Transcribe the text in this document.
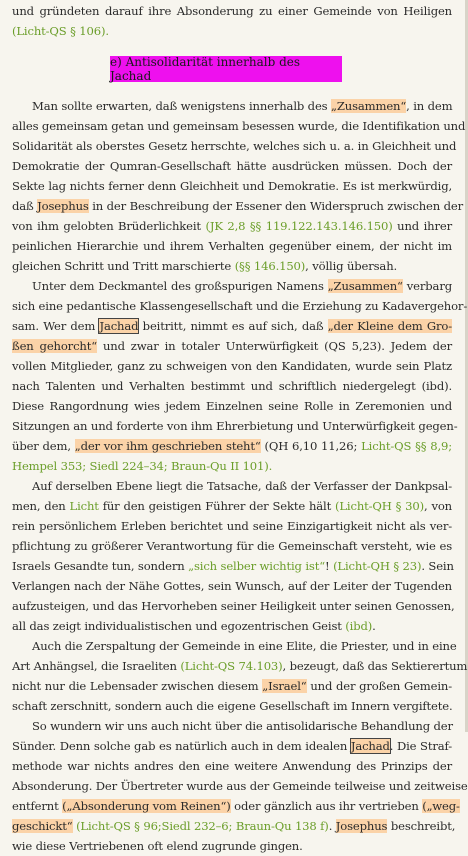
und gründeten darauf ihre Absonderung zu einer Gemeinde von Heiligen
(Licht-QS § 106).
e) Antisolidarität innerhalb des Jachad
Man sollte erwarten, daß wenigstens innerhalb des „Zusammen“, in dem
alles gemeinsam getan und gemeinsam besessen wurde, die Identifikation und
Solidarität als oberstes Gesetz herrschte, welches sich u. a. in Gleichheit und
Demokratie der Qumran-Gesellschaft hätte ausdrücken müssen. Doch der
Sekte lag nichts ferner denn Gleichheit und Demokratie. Es ist merkwürdig,
daß Josephus in der Beschreibung der Essener den Widerspruch zwischen der
von ihm gelobten Brüderlichkeit (JK 2,8 §§ 119.122.143.146.150) und ihrer
peinlichen Hierarchie und ihrem Verhalten gegenüber einem, der nicht im
gleichen Schritt und Tritt marschierte (§§ 146.150), völlig übersah.
Unter dem Deckmantel des großspurigen Namens „Zusammen“ verbarg
sich eine pedantische Klassengesellschaft und die Erziehung zu Kadavergehor-
sam. Wer dem Jachad beitritt, nimmt es auf sich, daß „der Kleine dem Gro-
ßen gehorcht“ und zwar in totaler Unterwürfigkeit (QS 5,23). Jedem der
vollen Mitglieder, ganz zu schweigen von den Kandidaten, wurde sein Platz
nach Talenten und Verhalten bestimmt und schriftlich niedergelegt (ibd).
Diese Rangordnung wies jedem Einzelnen seine Rolle in Zeremonien und
Sitzungen an und forderte von ihm Ehrerbietung und Unterwürfigkeit gegen-
über dem, „der vor ihm geschrieben steht“ (QH 6,10 11,26; Licht-QS §§ 8,9;
Hempel 353; Siedl 224–34; Braun-Qu II 101).
Auf derselben Ebene liegt die Tatsache, daß der Verfasser der Dankpsal-
men, den Licht für den geistigen Führer der Sekte hält (Licht-QH § 30), von
rein persönlichem Erleben berichtet und seine Einzigartigkeit nicht als ver-
pflichtung zu größerer Verantwortung für die Gemeinschaft versteht, wie es
Israels Gesandte tun, sondern „sich selber wichtig ist“! (Licht-QH § 23). Sein
Verlangen nach der Nähe Gottes, sein Wunsch, auf der Leiter der Tugenden
aufzusteigen, und das Hervorheben seiner Heiligkeit unter seinen Genossen,
all das zeigt individualistischen und egozentrischen Geist (ibd).
Auch die Zerspaltung der Gemeinde in eine Elite, die Priester, und in eine
Art Anhängsel, die Israeliten (Licht-QS 74.103), bezeugt, daß das Sektierertum
nicht nur die Lebensader zwischen diesem „Israel“ und der großen Gemein-
schaft zerschnitt, sondern auch die eigene Gesellschaft im Innern vergiftete.
So wundern wir uns auch nicht über die antisolidarische Behandlung der
Sünder. Denn solche gab es natürlich auch in dem idealen Jachad. Die Straf-
methode war nichts andres den eine weitere Anwendung des Prinzips der
Absonderung. Der Übertreter wurde aus der Gemeinde teilweise und zeitweise
entfernt („Absonderung vom Reinen“) oder gänzlich aus ihr vertrieben („weg-
geschickt“ (Licht-QS § 96;Siedl 232–6; Braun-Qu 138 f). Josephus beschreibt,
wie diese Vertriebenen oft elend zugrunde gingen.
